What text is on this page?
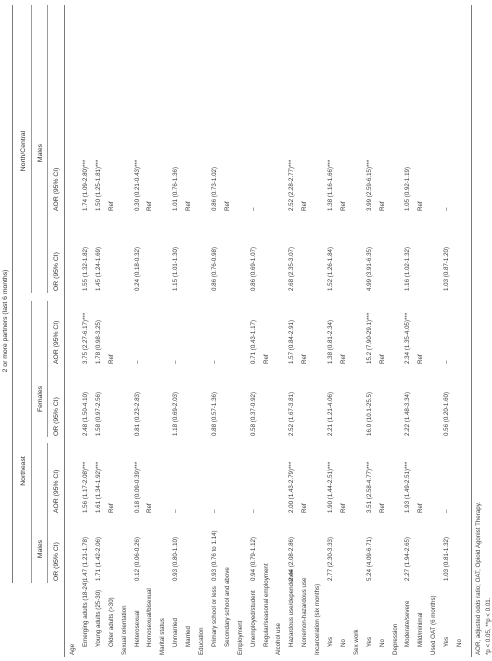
2 or more partners (last 6 months)
Northeast
North/Central
Males
Females
Males
OR (95% CI)
AOR (95% CI)
OR (95% CI)
AOR (95% CI)
OR (95% CI)
AOR (95% CI)
Age
Emerging adults (18-24)
1.47 (1.21-1.78)
1.56 (1.17-2.08)***
2.48 (1.50-4.10)
3.75 (2.27-6.17)***
1.55 (1.32-1.82)
1.74 (1.09-2.80)***
Young adults (25-30)
1.71 (1.42-2.06)
1.61 (1.34-1.92)***
1.58 (0.97-2.56)
1.78 (0.98-3.25)
1.45 (1.24-1.69)
1.50 (1.25-1.81)***
Older adults (>30)
Ref
Ref
Ref
Sexual orientation Heterosexual
0.12 (0.06-0.26)
0.18 (0.09-0.39)***
0.81 (0.23-2.83)
–
0.24 (0.18-0.32)
0.30 (0.21-0.43)***
Homosexual/bisexual
Ref
Ref
Marital status Unmarried
0.93 (0.80-1.10)
–
1.18 (0.69-2.03)
–
1.15 (1.01-1.30)
1.01 (0.76-1.36)
Married
Ref
Education Primary school or less
0.93 (0.76 to 1.14)
–
0.88 (0.57-1.36)
–
0.86 (0.76-0.98)
0.86 (0.73-1.02)
Secondary school and above
Ref
Employment Unemployed/student
0.94 (0.79-1.12)
–
0.58 (0.37-0.92)
0.71 (0.43-1.17)
0.86 (0.69-1.07)
–
Regular/seasonal employment
Ref
Alcohol use Hazardous use/dependence
2.44 (2.08-2.86)
2.00 (1.43-2.79)***
2.52 (1.67-3.81)
1.57 (0.84-2.91)
2.68 (2.35-3.07)
2.52 (2.28-2.77)***
None/non-hazardous use
Ref
Ref
Ref
Incarceration (six months) Yes
2.77 (2.30-3.33)
1.90 (1.44-2.51)***
2.21 (1.21-4.06)
1.38 (0.81-2.34)
1.52 (1.26-1.84)
1.38 (1.16-1.66)***
No
Ref
Ref
Ref
Sex work Yes
5.24 (4.09-6.71)
3.51 (2.58-4.77)***
16.0 (10.1-25.5)
15.2 (7.90-29.1)***
4.99 (3.91-6.35)
3.99 (2.59-6.15)***
No
Ref
Ref
Ref
Depression Moderate/severe
2.27 (1.94-2.65)
1.93 (1.49-2.51)***
2.22 (1.48-3.34)
2.34 (1.35-4.05)***
1.16 (1.02-1.32)
1.05 (0.92-1.19)
Mild/minimal
Ref
Ref
Ref
Used OAT (6 months) Yes
1.03 (0.81-1.32)
–
0.56 (0.20-1.60)
–
1.03 (0.87-1.20)
–
No AOR, adjusted odds ratio; OAT, Opioid Agonist Therapy. *p < 0.05, **p < 0.01.
